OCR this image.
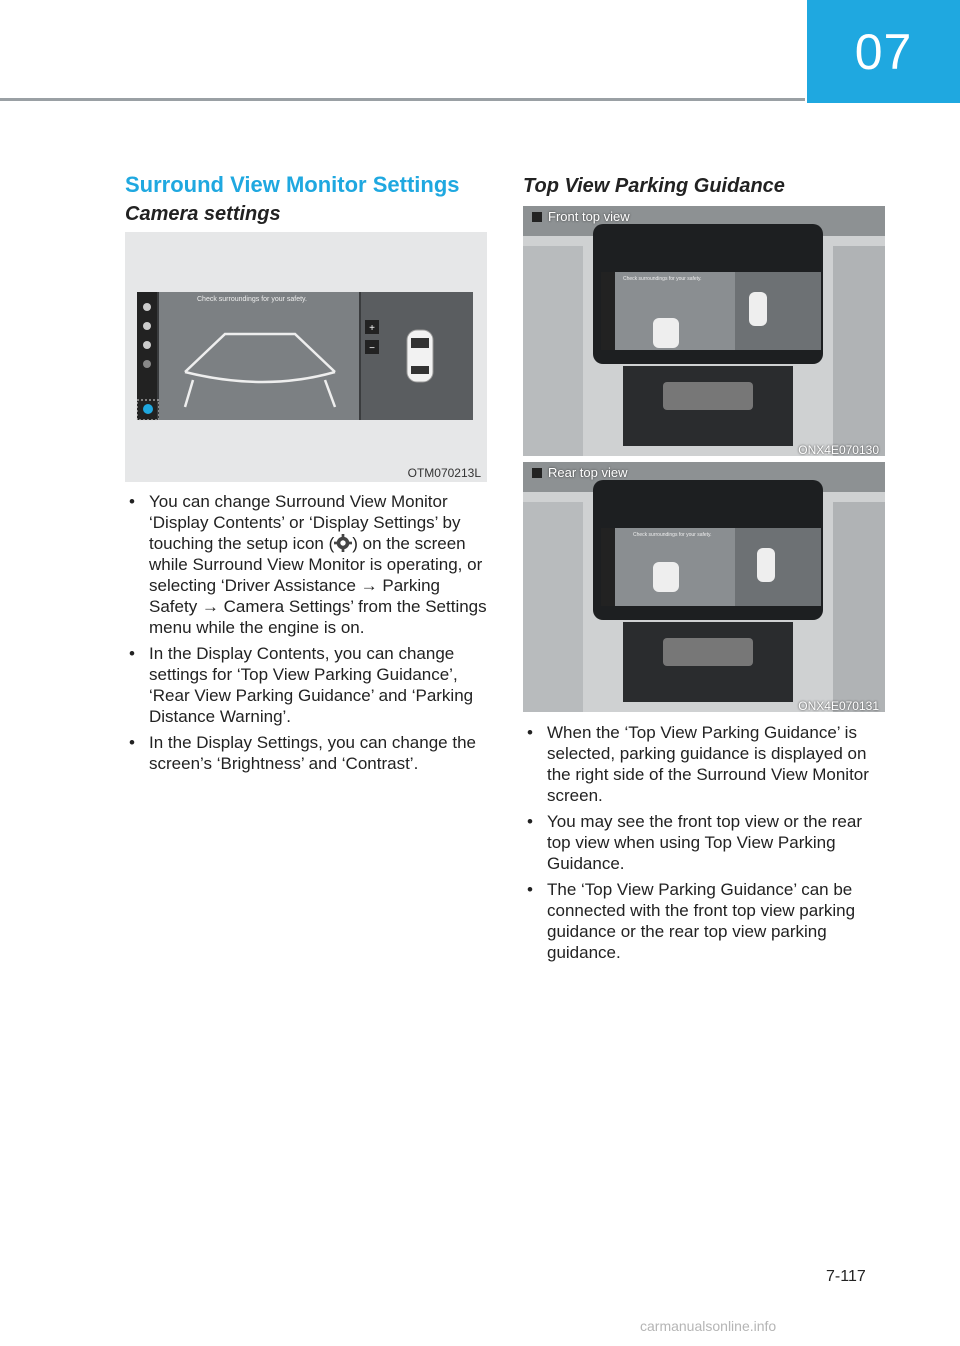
07
Surround View Monitor Settings
Camera settings
+
−
Check surroundings for your safety.
OTM070213L
• You can change Surround View Monitor ‘Display Contents’ or ‘Display Settings’ by touching the setup icon ( ) on the screen while Surround View Monitor is operating, or selecting ‘Driver Assistance → Parking Safety → Camera Settings’ from the Settings menu while the engine is on.
• In the Display Contents, you can change settings for ‘Top View Parking Guidance’, ‘Rear View Parking Guidance’ and ‘Parking Distance Warning’.
• In the Display Settings, you can change the screen’s ‘Brightness’ and ‘Contrast’.
Top View Parking Guidance
Check surroundings for your safety.
Front top view
ONX4E070130
Check surroundings for your safety.
Rear top view
ONX4E070131
• When the ‘Top View Parking Guidance’ is selected, parking guidance is displayed on the right side of the Surround View Monitor screen.
• You may see the front top view or the rear top view when using Top View Parking Guidance.
• The ‘Top View Parking Guidance’ can be connected with the front top view parking guidance or the rear top view parking guidance.
7-117
carmanualsonline.info
